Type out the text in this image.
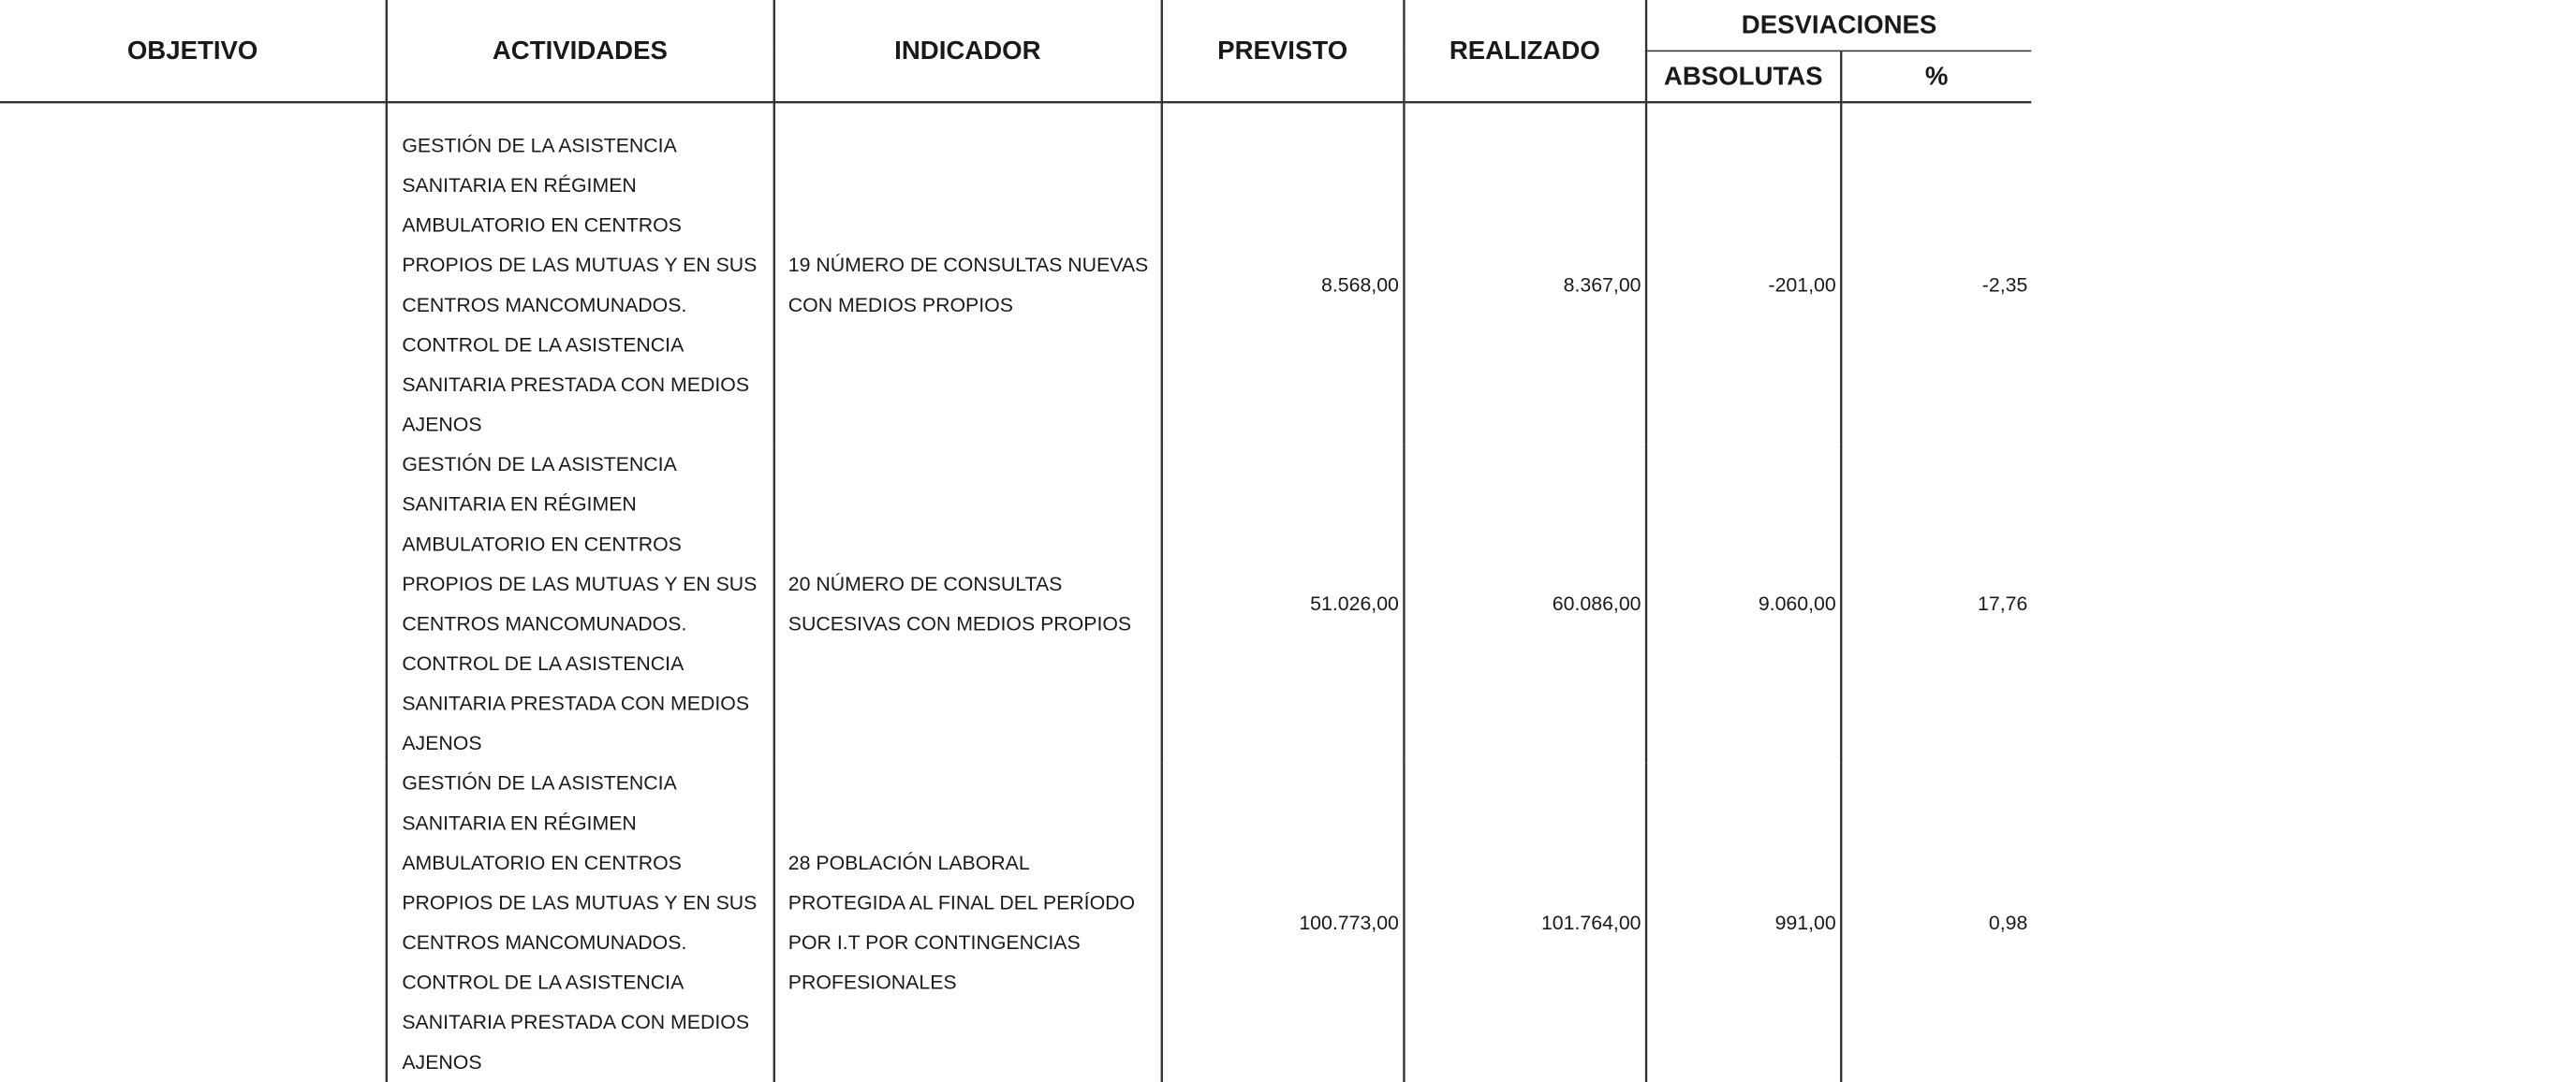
OBJETIVO	ACTIVIDADES	INDICADOR	PREVISTO	REALIZADO	DESVIACIONES	
					ABSOLUTAS	%
	GESTIÓN DE LA ASISTENCIA SANITARIA EN RÉGIMEN AMBULATORIO EN CENTROS PROPIOS DE LAS MUTUAS Y EN SUS CENTROS MANCOMUNADOS. CONTROL DE LA ASISTENCIA SANITARIA PRESTADA CON MEDIOS AJENOS	19 NÚMERO DE CONSULTAS NUEVAS CON MEDIOS PROPIOS	8.568,00	8.367,00	-201,00	-2,35
	GESTIÓN DE LA ASISTENCIA SANITARIA EN RÉGIMEN AMBULATORIO EN CENTROS PROPIOS DE LAS MUTUAS Y EN SUS CENTROS MANCOMUNADOS. CONTROL DE LA ASISTENCIA SANITARIA PRESTADA CON MEDIOS AJENOS	20 NÚMERO DE CONSULTAS SUCESIVAS CON MEDIOS PROPIOS	51.026,00	60.086,00	9.060,00	17,76
	GESTIÓN DE LA ASISTENCIA SANITARIA EN RÉGIMEN AMBULATORIO EN CENTROS PROPIOS DE LAS MUTUAS Y EN SUS CENTROS MANCOMUNADOS. CONTROL DE LA ASISTENCIA SANITARIA PRESTADA CON MEDIOS AJENOS	28 POBLACIÓN LABORAL PROTEGIDA AL FINAL DEL PERÍODO POR I.T POR CONTINGENCIAS PROFESIONALES	100.773,00	101.764,00	991,00	0,98
